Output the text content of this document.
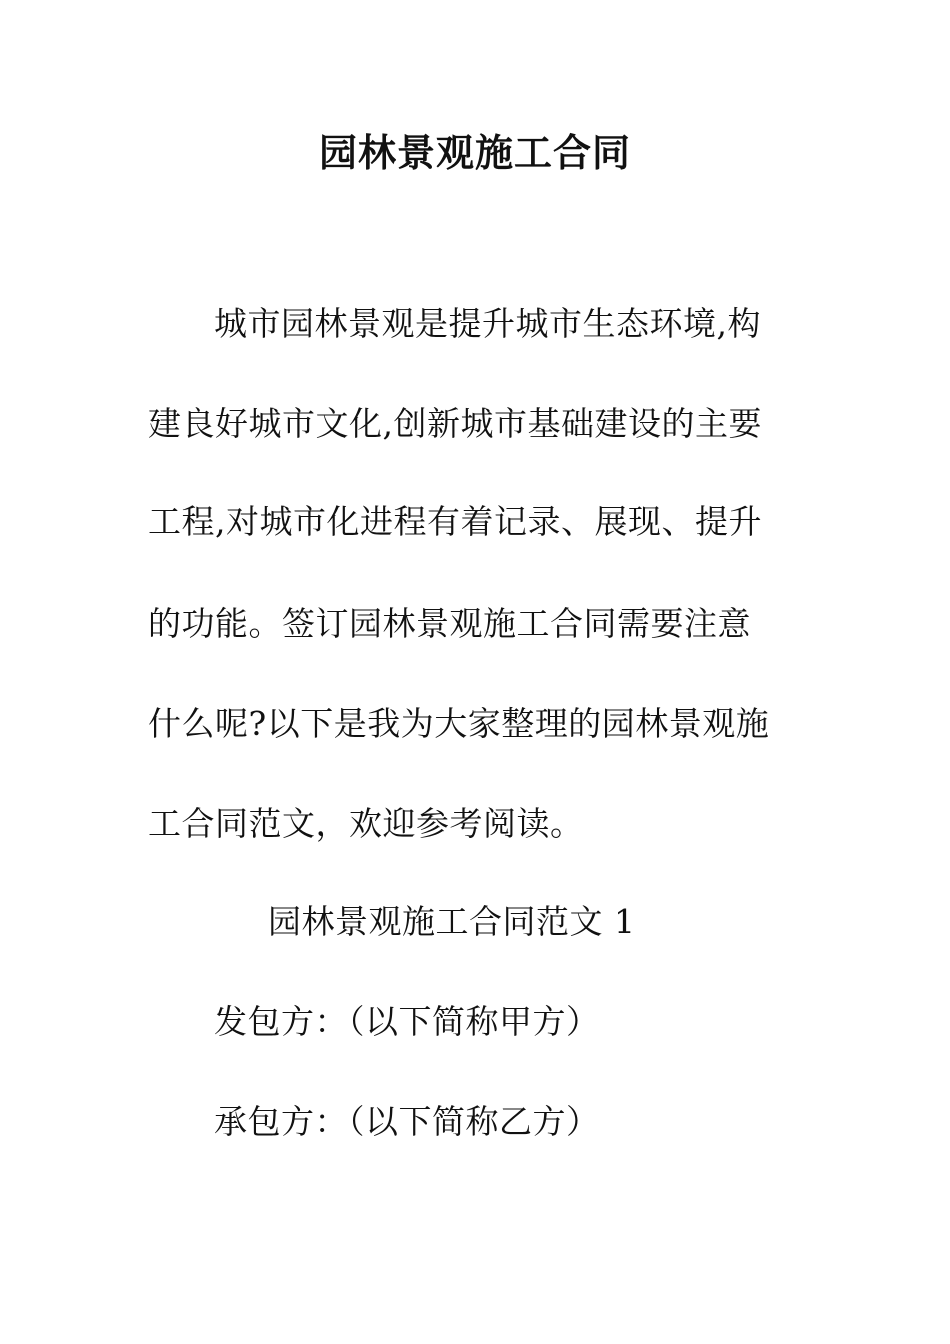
园林景观施工合同
城市园林景观是提升城市生态环境,构
建良好城市文化,创新城市基础建设的主要
工程,对城市化进程有着记录、展现、提升
的功能。签订园林景观施工合同需要注意
什么呢?以下是我为大家整理的园林景观施
工合同范文，欢迎参考阅读。
园林景观施工合同范文 1
发包方：（以下简称甲方）
承包方：（以下简称乙方）
